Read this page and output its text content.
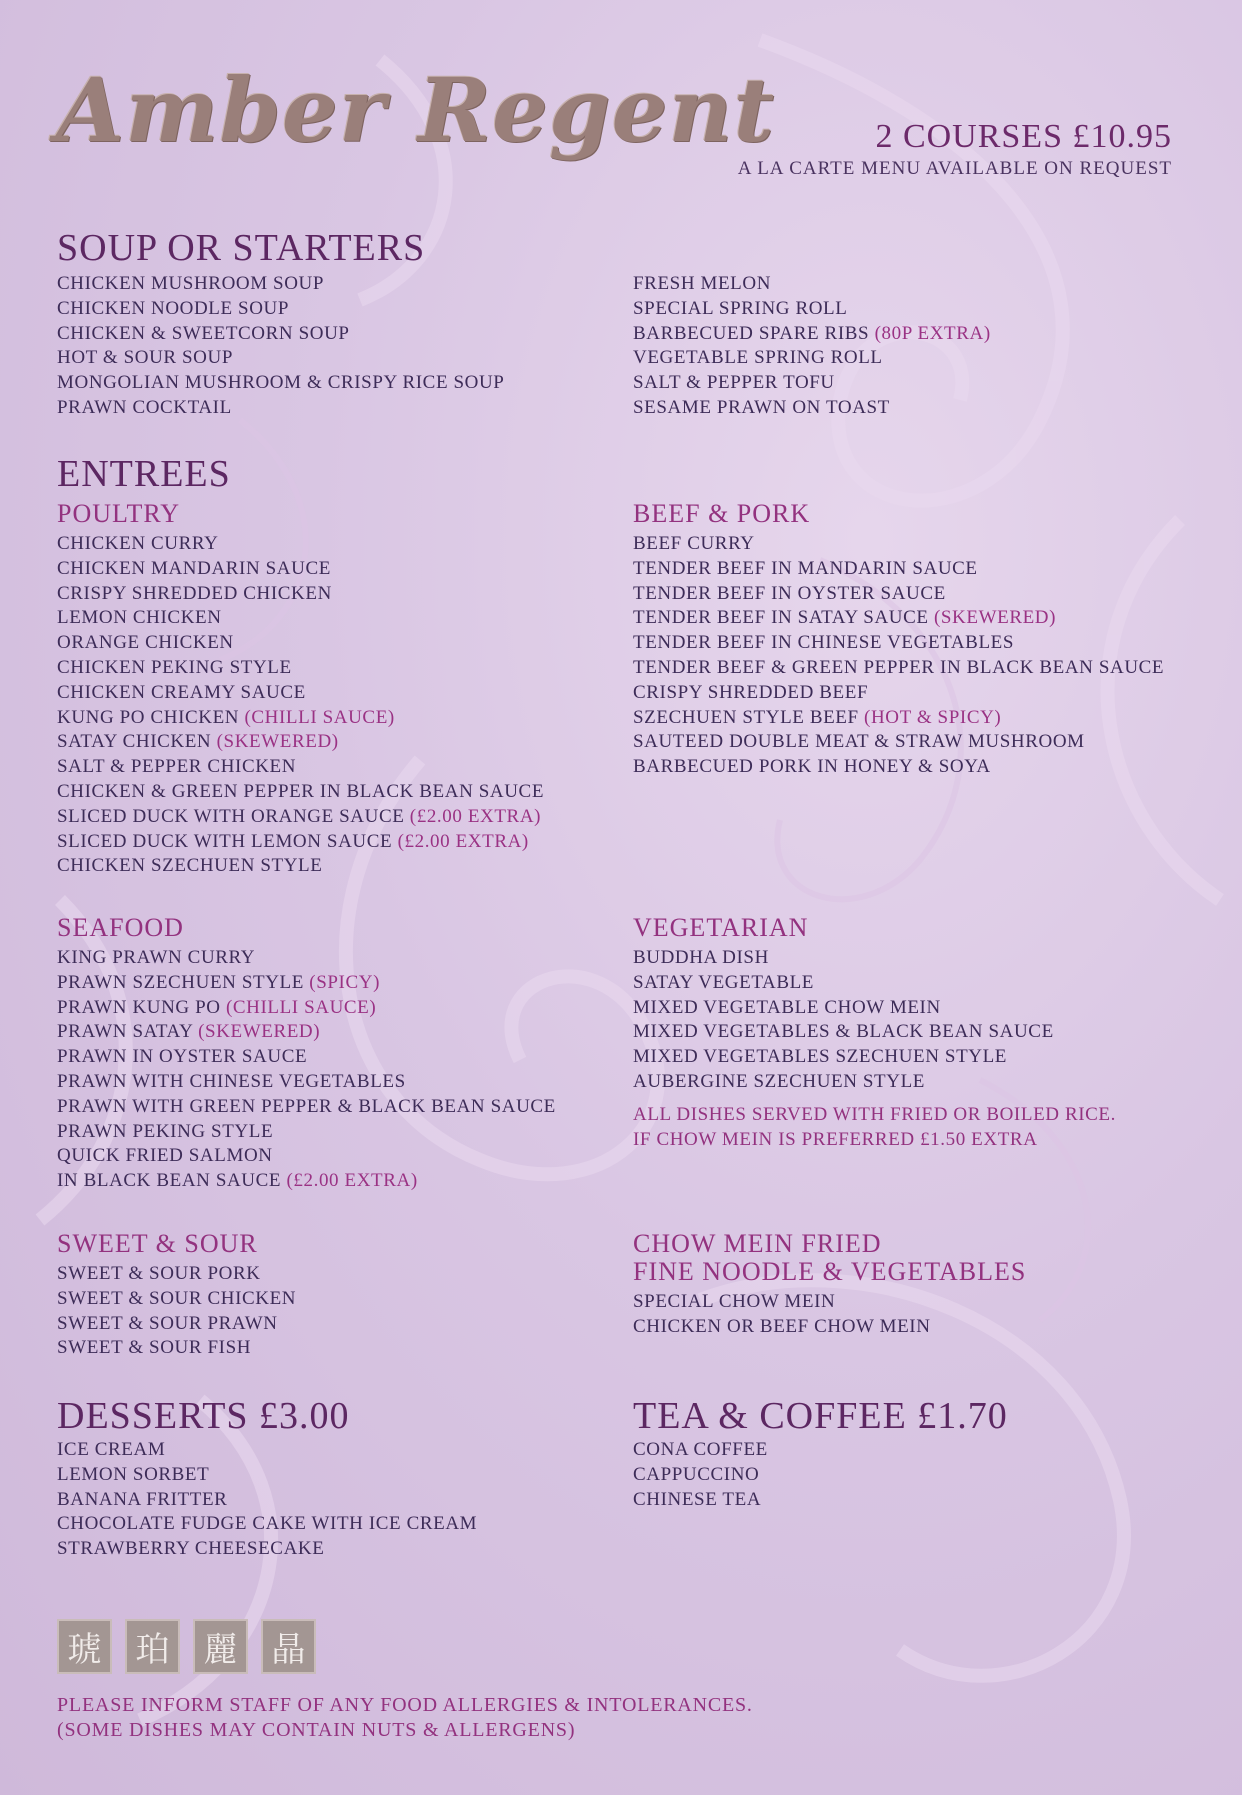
Amber Regent	2 COURSES £10.95
A LA CARTE MENU AVAILABLE ON REQUEST
SOUP OR STARTERS
CHICKEN MUSHROOM SOUP
CHICKEN NOODLE SOUP
CHICKEN & SWEETCORN SOUP
HOT & SOUR SOUP
MONGOLIAN MUSHROOM & CRISPY RICE SOUP
PRAWN COCKTAIL
FRESH MELON
SPECIAL SPRING ROLL
BARBECUED SPARE RIBS (80P EXTRA)
VEGETABLE SPRING ROLL
SALT & PEPPER TOFU
SESAME PRAWN ON TOAST
ENTREES
POULTRY
CHICKEN CURRY
CHICKEN MANDARIN SAUCE
CRISPY SHREDDED CHICKEN
LEMON CHICKEN
ORANGE CHICKEN
CHICKEN PEKING STYLE
CHICKEN CREAMY SAUCE
KUNG PO CHICKEN (CHILLI SAUCE)
SATAY CHICKEN (SKEWERED)
SALT & PEPPER CHICKEN
CHICKEN & GREEN PEPPER IN BLACK BEAN SAUCE
SLICED DUCK WITH ORANGE SAUCE (£2.00 EXTRA)
SLICED DUCK WITH LEMON SAUCE (£2.00 EXTRA)
CHICKEN SZECHUEN STYLE
BEEF & PORK
BEEF CURRY
TENDER BEEF IN MANDARIN SAUCE
TENDER BEEF IN OYSTER SAUCE
TENDER BEEF IN SATAY SAUCE (SKEWERED)
TENDER BEEF IN CHINESE VEGETABLES
TENDER BEEF & GREEN PEPPER IN BLACK BEAN SAUCE
CRISPY SHREDDED BEEF
SZECHUEN STYLE BEEF (HOT & SPICY)
SAUTEED DOUBLE MEAT & STRAW MUSHROOM
BARBECUED PORK IN HONEY & SOYA
SEAFOOD
KING PRAWN CURRY
PRAWN SZECHUEN STYLE (SPICY)
PRAWN KUNG PO (CHILLI SAUCE)
PRAWN SATAY (SKEWERED)
PRAWN IN OYSTER SAUCE
PRAWN WITH CHINESE VEGETABLES
PRAWN WITH GREEN PEPPER & BLACK BEAN SAUCE
PRAWN PEKING STYLE
QUICK FRIED SALMON
IN BLACK BEAN SAUCE (£2.00 EXTRA)
VEGETARIAN
BUDDHA DISH
SATAY VEGETABLE
MIXED VEGETABLE CHOW MEIN
MIXED VEGETABLES & BLACK BEAN SAUCE
MIXED VEGETABLES SZECHUEN STYLE
AUBERGINE SZECHUEN STYLE
ALL DISHES SERVED WITH FRIED OR BOILED RICE.
IF CHOW MEIN IS PREFERRED £1.50 EXTRA
SWEET & SOUR
SWEET & SOUR PORK
SWEET & SOUR CHICKEN
SWEET & SOUR PRAWN
SWEET & SOUR FISH
CHOW MEIN FRIED
FINE NOODLE & VEGETABLES
SPECIAL CHOW MEIN
CHICKEN OR BEEF CHOW MEIN
DESSERTS £3.00
ICE CREAM
LEMON SORBET
BANANA FRITTER
CHOCOLATE FUDGE CAKE WITH ICE CREAM
STRAWBERRY CHEESECAKE
TEA & COFFEE £1.70
CONA COFFEE
CAPPUCCINO
CHINESE TEA
琥	珀	麗	晶
PLEASE INFORM STAFF OF ANY FOOD ALLERGIES & INTOLERANCES.
(SOME DISHES MAY CONTAIN NUTS & ALLERGENS)
